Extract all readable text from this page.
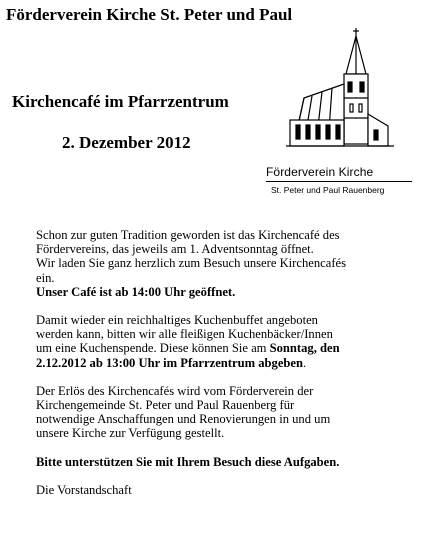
Förderverein Kirche St. Peter und Paul
Kirchencafé im Pfarrzentrum
2. Dezember 2012
Förderverein Kirche
St. Peter und Paul Rauenberg

Schon zur guten Tradition geworden ist das Kirchencafé des

Fördervereins, das jeweils am 1. Adventsonntag öffnet.

Wir laden Sie ganz herzlich zum Besuch unsere Kirchencafés

ein.

Unser Café ist ab 14:00 Uhr geöffnet.

Damit wieder ein reichhaltiges Kuchenbuffet angeboten

werden kann, bitten wir alle fleißigen Kuchenbäcker/Innen

um eine Kuchenspende. Diese können Sie am Sonntag, den

2.12.2012 ab 13:00 Uhr im Pfarrzentrum abgeben.

Der Erlös des Kirchencafés wird vom Förderverein der

Kirchengemeinde St. Peter und Paul Rauenberg für

notwendige Anschaffungen und Renovierungen in und um

unsere Kirche zur Verfügung gestellt.

Bitte unterstützen Sie mit Ihrem Besuch diese Aufgaben.

Die Vorstandschaft
